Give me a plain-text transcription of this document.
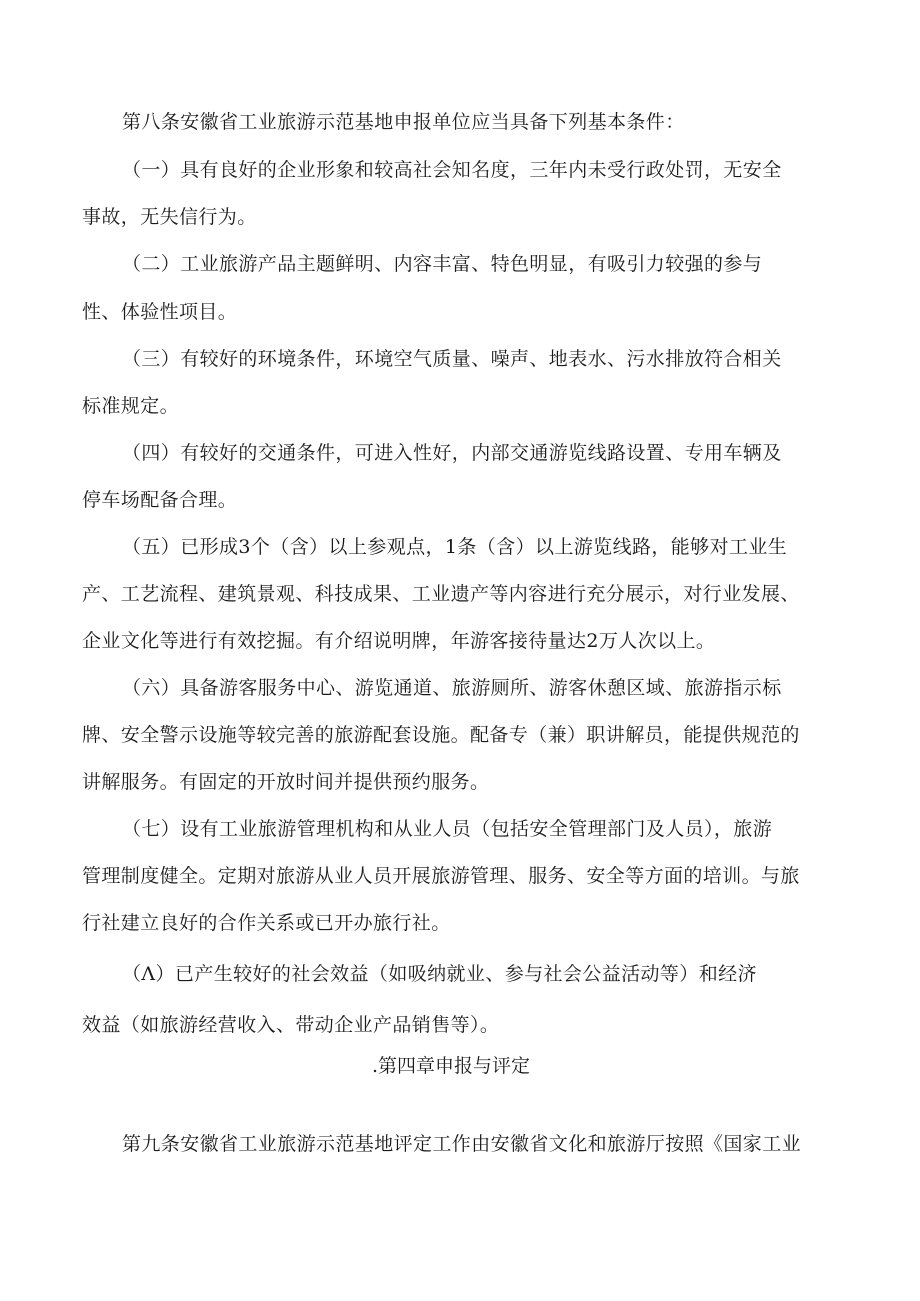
第八条安徽省工业旅游示范基地申报单位应当具备下列基本条件：
（一）具有良好的企业形象和较高社会知名度，三年内未受行政处罚，无安全
事故，无失信行为。
（二）工业旅游产品主题鲜明、内容丰富、特色明显，有吸引力较强的参与
性、体验性项目。
（三）有较好的环境条件，环境空气质量、噪声、地表水、污水排放符合相关
标准规定。
（四）有较好的交通条件，可进入性好，内部交通游览线路设置、专用车辆及
停车场配备合理。
（五）已形成3个（含）以上参观点，1条（含）以上游览线路，能够对工业生
产、工艺流程、建筑景观、科技成果、工业遗产等内容进行充分展示，对行业发展、
企业文化等进行有效挖掘。有介绍说明牌，年游客接待量达2万人次以上。
（六）具备游客服务中心、游览通道、旅游厕所、游客休憩区域、旅游指示标
牌、安全警示设施等较完善的旅游配套设施。配备专（兼）职讲解员，能提供规范的
讲解服务。有固定的开放时间并提供预约服务。
（七）设有工业旅游管理机构和从业人员（包括安全管理部门及人员），旅游
管理制度健全。定期对旅游从业人员开展旅游管理、服务、安全等方面的培训。与旅
行社建立良好的合作关系或已开办旅行社。
（Λ）已产生较好的社会效益（如吸纳就业、参与社会公益活动等）和经济
效益（如旅游经营收入、带动企业产品销售等）。
.第四章申报与评定
第九条安徽省工业旅游示范基地评定工作由安徽省文化和旅游厅按照《国家工业
